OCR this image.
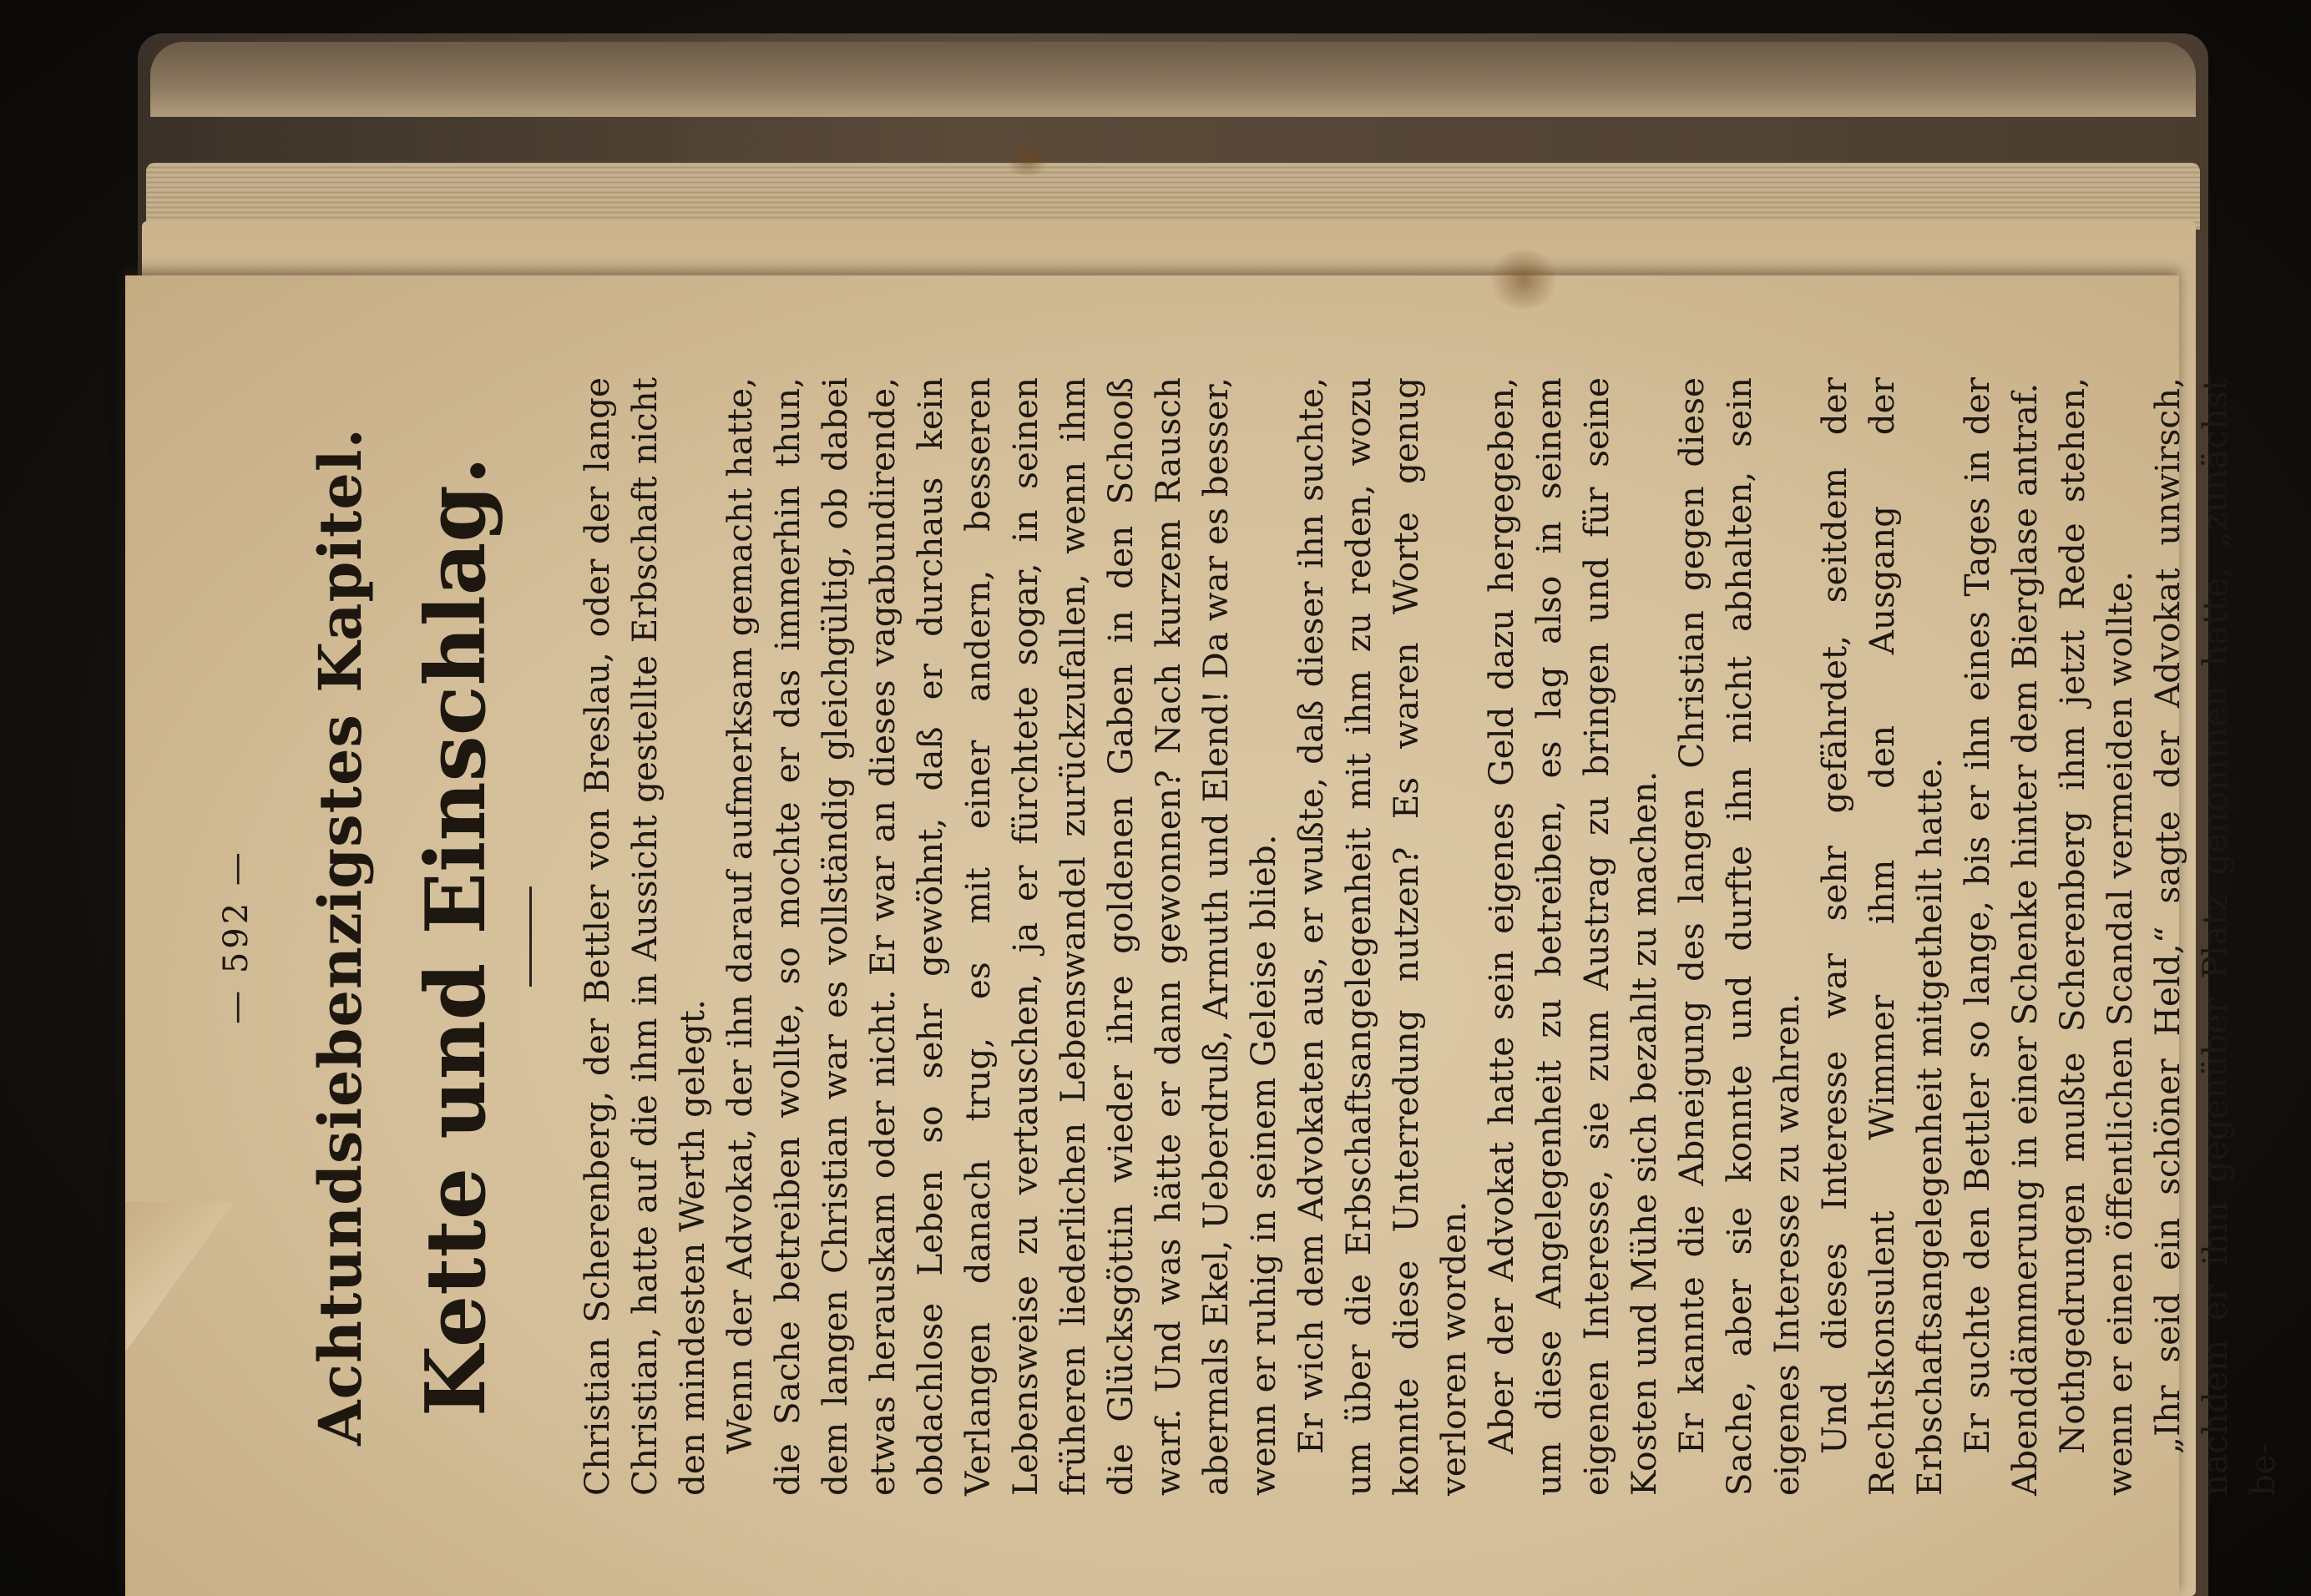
— 592 — Achtundsiebenzigstes Kapitel. Kette und Einschlag. Christian Scherenberg, der Bettler von Breslau, oder der lange Christian, hatte auf die ihm in Aussicht gestellte Erbschaft nicht den mindesten Werth gelegt. Wenn der Advokat, der ihn darauf aufmerksam gemacht hatte, die Sache betreiben wollte, so mochte er das immerhin thun, dem langen Christian war es vollständig gleichgültig, ob dabei etwas herauskam oder nicht. Er war an dieses vagabundirende, obdachlose Leben so sehr gewöhnt, daß er durchaus kein Verlangen danach trug, es mit einer andern, besseren Lebensweise zu vertauschen, ja er fürchtete sogar, in seinen früheren liederlichen Lebenswandel zurückzufallen, wenn ihm die Glücksgöttin wieder ihre goldenen Gaben in den Schooß warf. Und was hätte er dann gewonnen? Nach kurzem Rausch abermals Ekel, Ueberdruß, Armuth und Elend! Da war es besser, wenn er ruhig in seinem Geleise blieb. Er wich dem Advokaten aus, er wußte, daß dieser ihn suchte, um über die Erbschaftsangelegenheit mit ihm zu reden, wozu konnte diese Unterredung nutzen? Es waren Worte genug verloren worden. Aber der Advokat hatte sein eigenes Geld dazu hergegeben, um diese Angelegenheit zu betreiben, es lag also in seinem eigenen Interesse, sie zum Austrag zu bringen und für seine Kosten und Mühe sich bezahlt zu machen. Er kannte die Abneigung des langen Christian gegen diese Sache, aber sie konnte und durfte ihn nicht abhalten, sein eigenes Interesse zu wahren. Und dieses Interesse war sehr gefährdet, seitdem der Rechtskonsulent Wimmer ihm den Ausgang der Erbschaftsangelegenheit mitgetheilt hatte. Er suchte den Bettler so lange, bis er ihn eines Tages in der Abenddämmerung in einer Schenke hinter dem Bierglase antraf. Nothgedrungen mußte Scherenberg ihm jetzt Rede stehen, wenn er einen öffentlichen Scandal vermeiden wollte. „Ihr seid ein schöner Held,“ sagte der Advokat unwirsch, nachdem er ihm gegenüber Platz genommen hatte, „zunächst be-
